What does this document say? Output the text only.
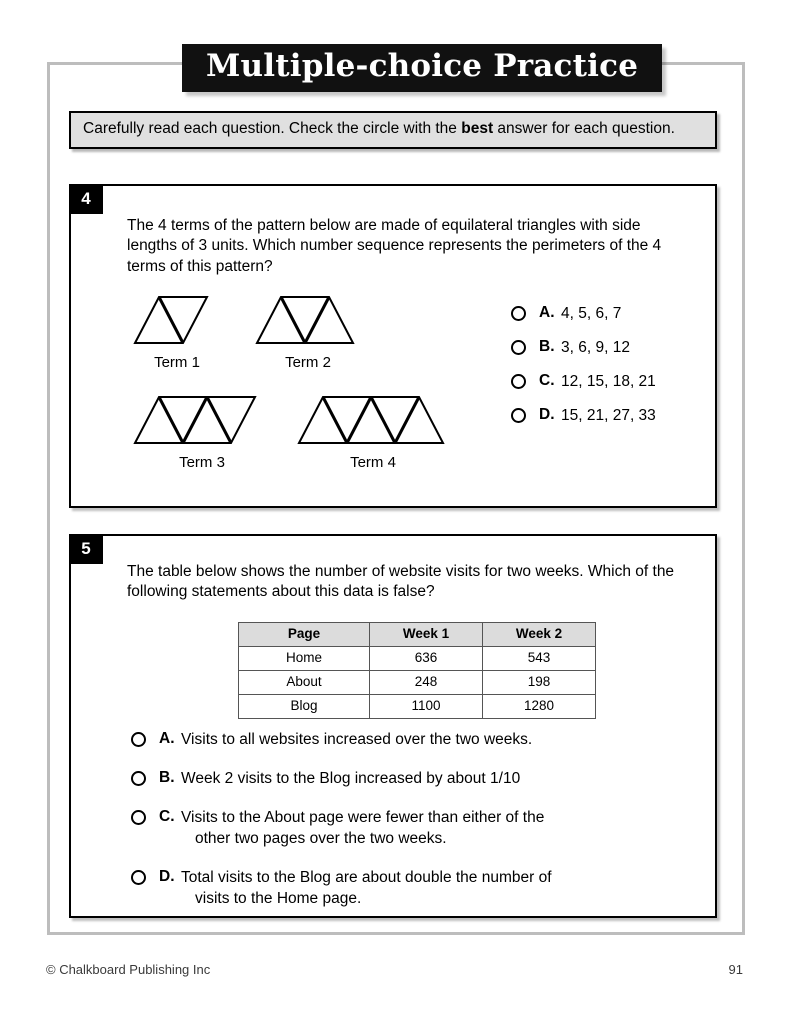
Multiple-choice Practice
Carefully read each question. Check the circle with the best answer for each question.
4
The 4 terms of the pattern below are made of equilateral triangles with side lengths of 3 units. Which number sequence represents the perimeters of the 4 terms of this pattern?
Term 1	Term 2
Term 3	Term 4
A. 4, 5, 6, 7
B. 3, 6, 9, 12
C. 12, 15, 18, 21
D. 15, 21, 27, 33
5
The table below shows the number of website visits for two weeks. Which of the following statements about this data is false?
Page	Week 1	Week 2
Home	636	543
About	248	198
Blog	1100	1280
A. Visits to all websites increased over the two weeks.
B. Week 2 visits to the Blog increased by about 1/10
C. Visits to the About page were fewer than either of the
other two pages over the two weeks.
D. Total visits to the Blog are about double the number of
visits to the Home page.
© Chalkboard Publishing Inc	91
